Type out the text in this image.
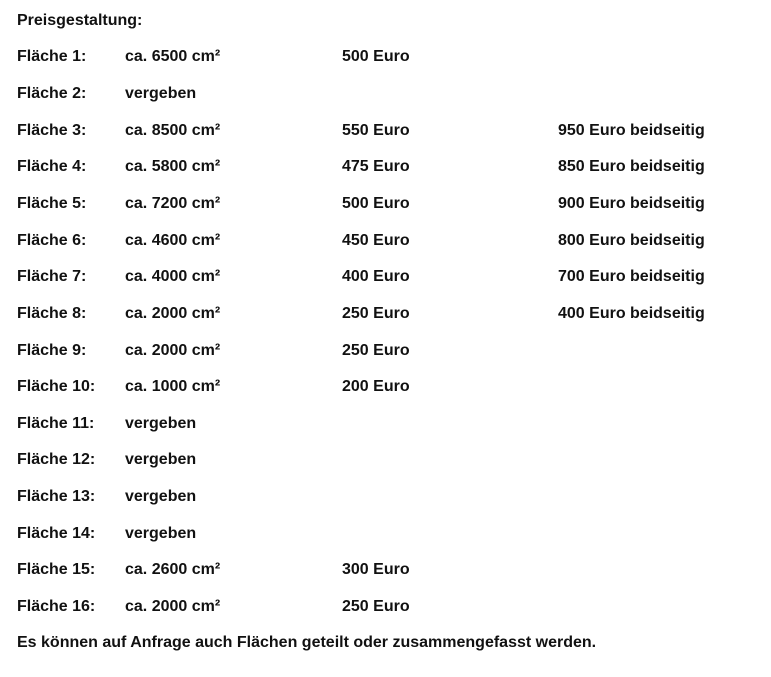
Preisgestaltung:
Fläche 1: ca. 6500 cm²	500 Euro
Fläche 2: vergeben
Fläche 3: ca. 8500 cm²	550 Euro	950 Euro beidseitig
Fläche 4: ca. 5800 cm²	475 Euro	850 Euro beidseitig
Fläche 5: ca. 7200 cm²	500 Euro	900 Euro beidseitig
Fläche 6: ca. 4600 cm²	450 Euro	800 Euro beidseitig
Fläche 7: ca. 4000 cm²	400 Euro	700 Euro beidseitig
Fläche 8: ca. 2000 cm²	250 Euro	400 Euro beidseitig
Fläche 9: ca. 2000 cm²	250 Euro
Fläche 10: ca. 1000 cm²	200 Euro
Fläche 11: vergeben
Fläche 12: vergeben
Fläche 13: vergeben
Fläche 14: vergeben
Fläche 15: ca. 2600 cm²	300 Euro
Fläche 16: ca. 2000 cm²	250 Euro
Es können auf Anfrage auch Flächen geteilt oder zusammengefasst werden.
